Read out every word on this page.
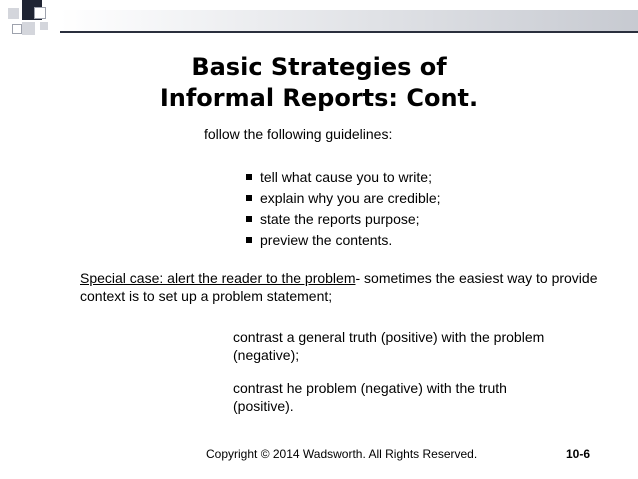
Basic Strategies of
Informal Reports: Cont.
follow the following guidelines:
tell what cause you to write;
explain why you are credible;
state the reports purpose;
preview the contents.
Special case: alert the reader to the problem- sometimes the easiest way to provide context is to set up a problem statement;
contrast a general truth (positive) with the problem (negative);
contrast he problem (negative) with the truth (positive).
Copyright © 2014 Wadsworth. All Rights Reserved.	10-6
